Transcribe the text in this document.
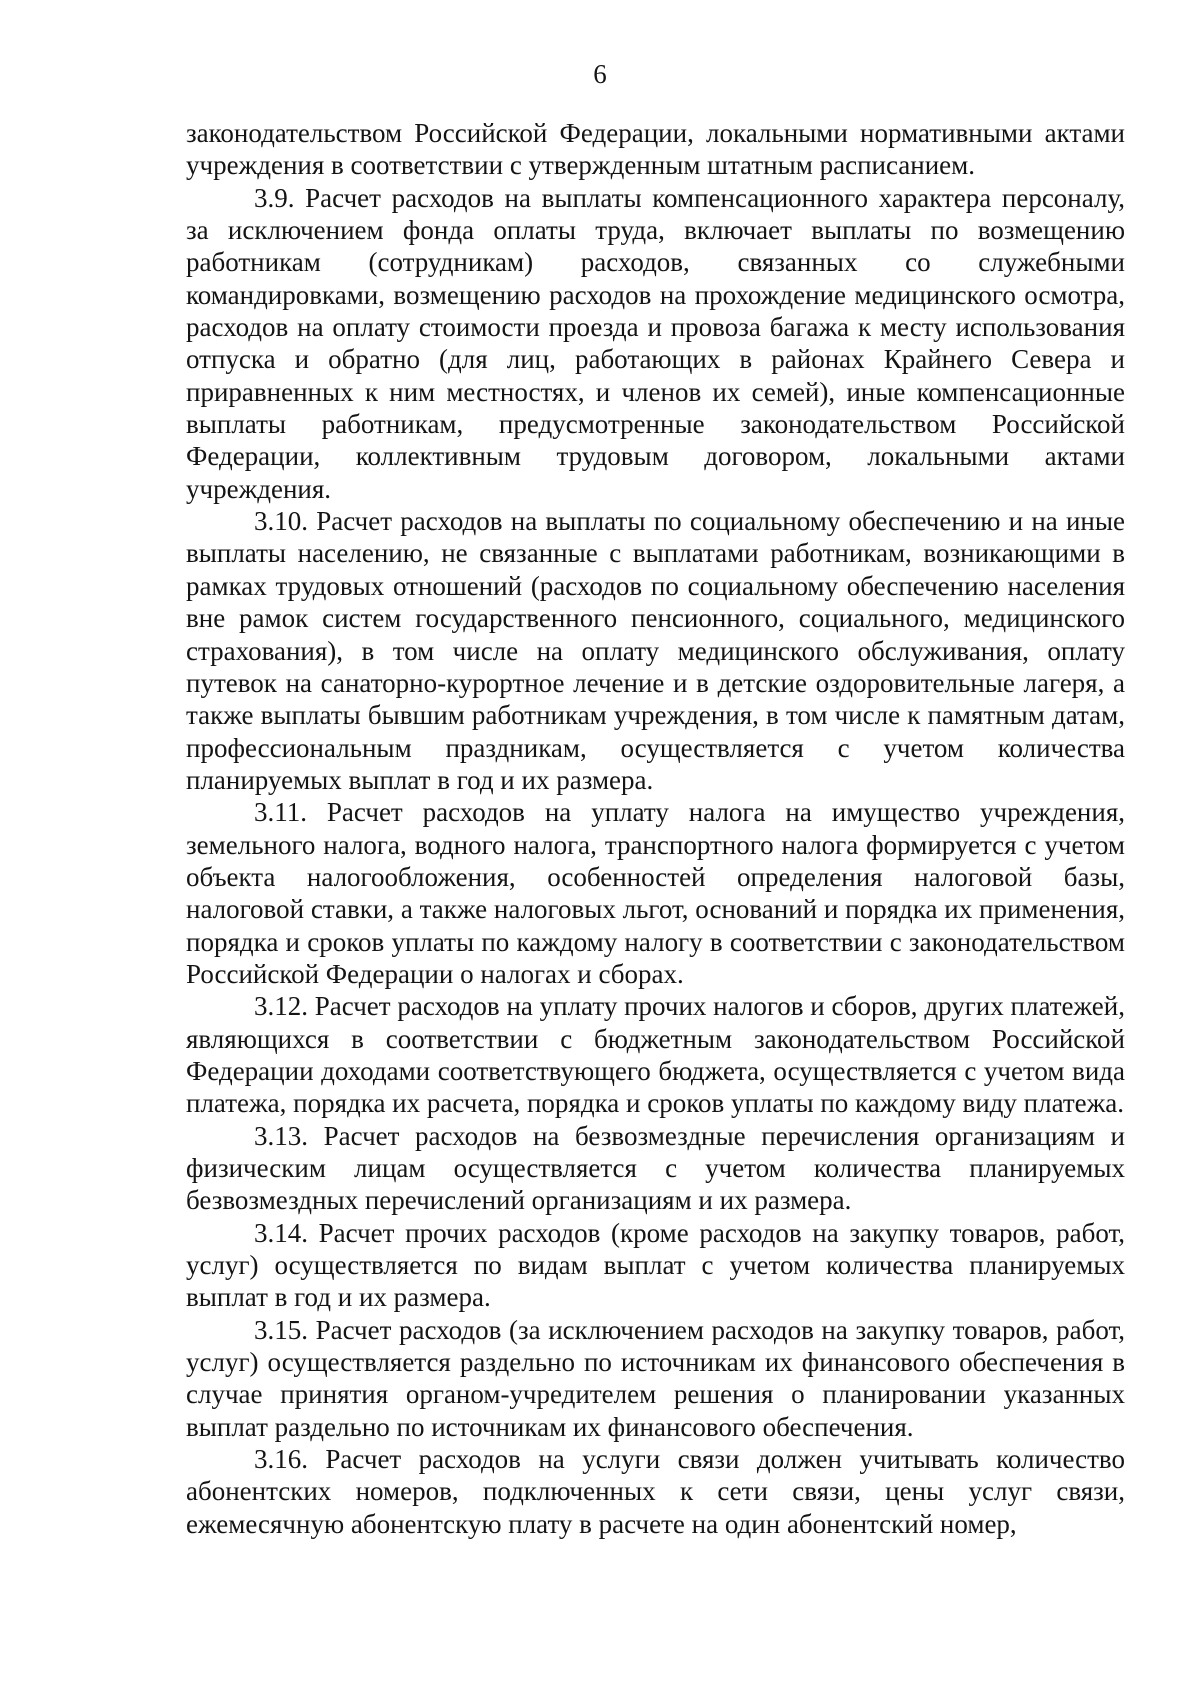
6

законодательством Российской Федерации, локальными нормативными актами учреждения в соответствии с утвержденным штатным расписанием.

3.9. Расчет расходов на выплаты компенсационного характера персоналу, за исключением фонда оплаты труда, включает выплаты по возмещению работникам (сотрудникам) расходов, связанных со служебными командировками, возмещению расходов на прохождение медицинского осмотра, расходов на оплату стоимости проезда и провоза багажа к месту использования отпуска и обратно (для лиц, работающих в районах Крайнего Севера и приравненных к ним местностях, и членов их семей), иные компенсационные выплаты работникам, предусмотренные законодательством Российской Федерации, коллективным трудовым договором, локальными актами учреждения.

3.10. Расчет расходов на выплаты по социальному обеспечению и на иные выплаты населению, не связанные с выплатами работникам, возникающими в рамках трудовых отношений (расходов по социальному обеспечению населения вне рамок систем государственного пенсионного, социального, медицинского страхования), в том числе на оплату медицинского обслуживания, оплату путевок на санаторно-курортное лечение и в детские оздоровительные лагеря, а также выплаты бывшим работникам учреждения, в том числе к памятным датам, профессиональным праздникам, осуществляется с учетом количества планируемых выплат в год и их размера.

3.11. Расчет расходов на уплату налога на имущество учреждения, земельного налога, водного налога, транспортного налога формируется с учетом объекта налогообложения, особенностей определения налоговой базы, налоговой ставки, а также налоговых льгот, оснований и порядка их применения, порядка и сроков уплаты по каждому налогу в соответствии с законодательством Российской Федерации о налогах и сборах.

3.12. Расчет расходов на уплату прочих налогов и сборов, других платежей, являющихся в соответствии с бюджетным законодательством Российской Федерации доходами соответствующего бюджета, осуществляется с учетом вида платежа, порядка их расчета, порядка и сроков уплаты по каждому виду платежа.

3.13. Расчет расходов на безвозмездные перечисления организациям и физическим лицам осуществляется с учетом количества планируемых безвозмездных перечислений организациям и их размера.

3.14. Расчет прочих расходов (кроме расходов на закупку товаров, работ, услуг) осуществляется по видам выплат с учетом количества планируемых выплат в год и их размера.

3.15. Расчет расходов (за исключением расходов на закупку товаров, работ, услуг) осуществляется раздельно по источникам их финансового обеспечения в случае принятия органом-учредителем решения о планировании указанных выплат раздельно по источникам их финансового обеспечения.

3.16. Расчет расходов на услуги связи должен учитывать количество абонентских номеров, подключенных к сети связи, цены услуг связи, ежемесячную абонентскую плату в расчете на один абонентский номер,
